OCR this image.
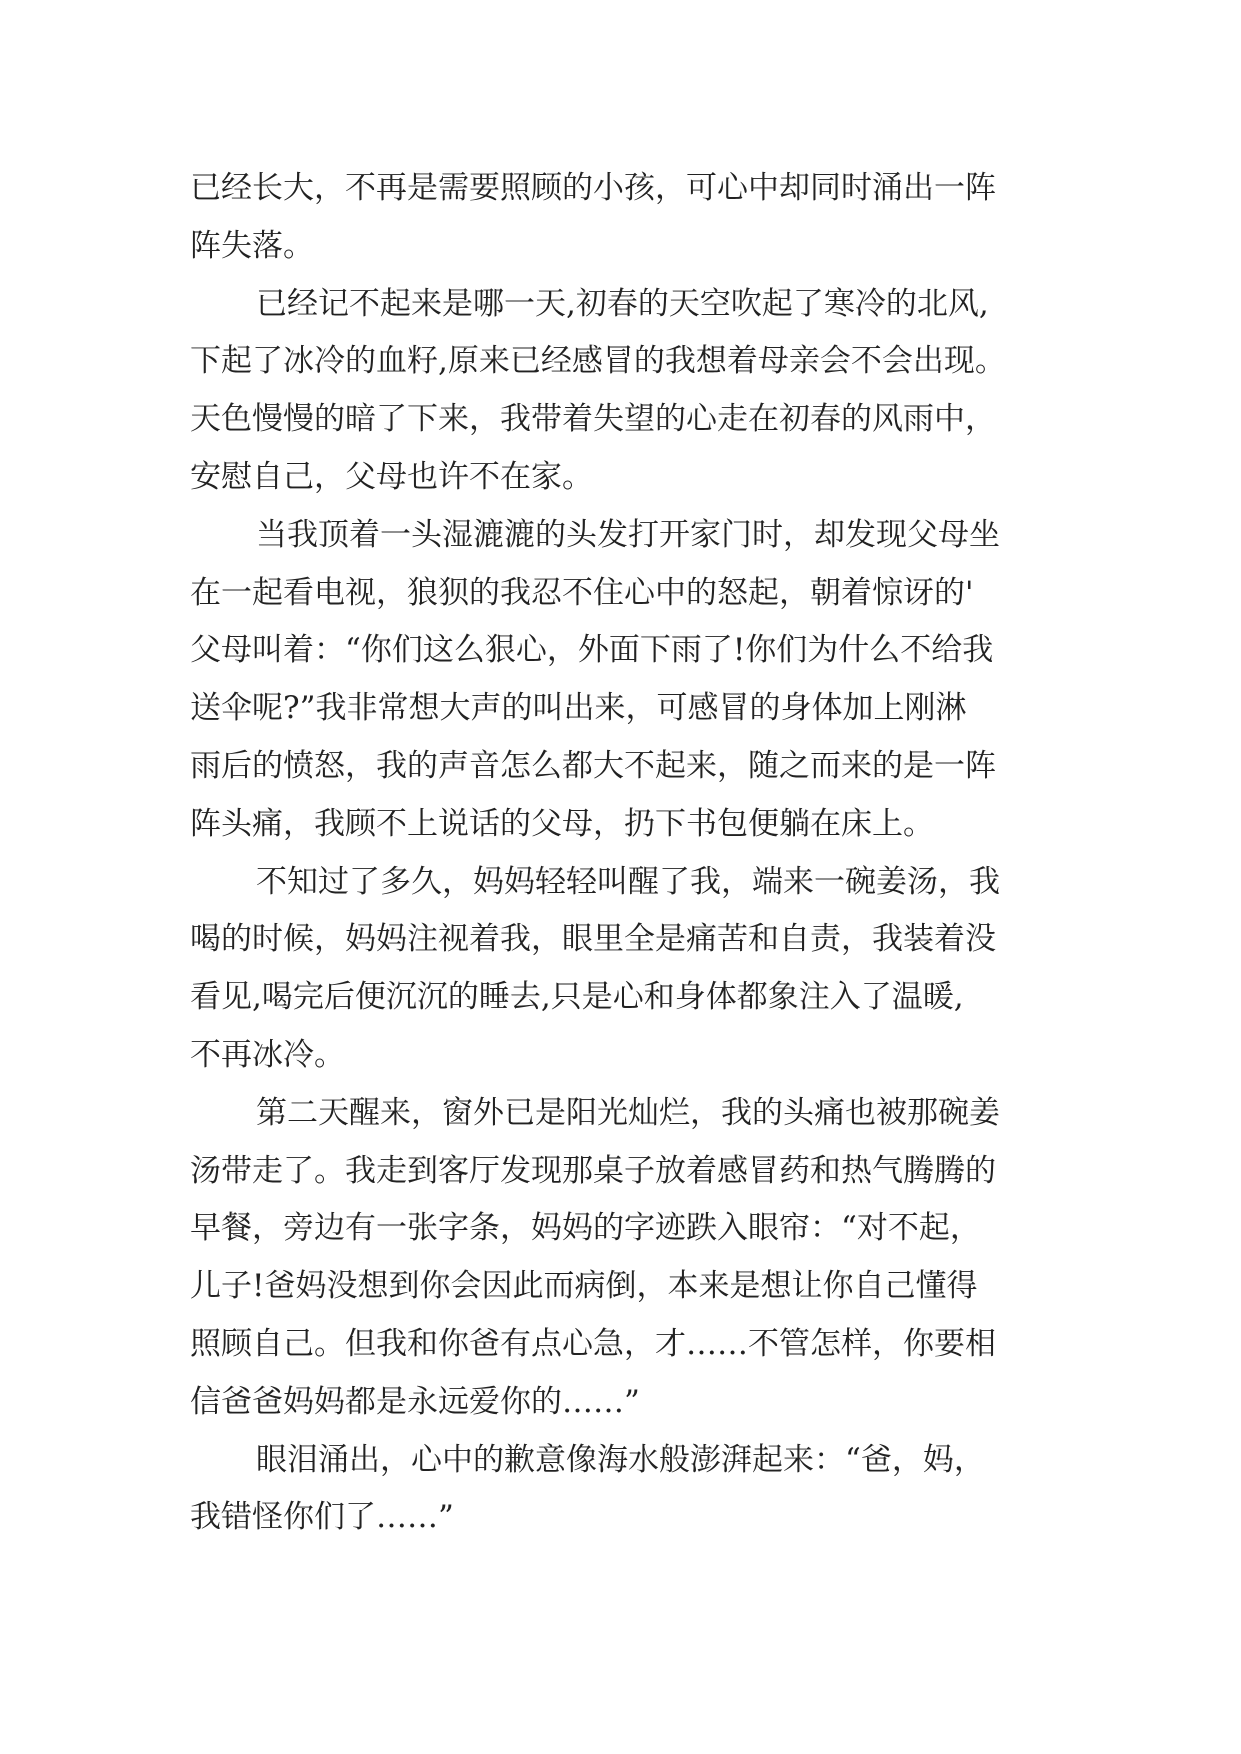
已经长大，不再是需要照顾的小孩，可心中却同时涌出一阵
阵失落。
已经记不起来是哪一天,初春的天空吹起了寒冷的北风,
下起了冰冷的血籽,原来已经感冒的我想着母亲会不会出现。
天色慢慢的暗了下来，我带着失望的心走在初春的风雨中，
安慰自己，父母也许不在家。
当我顶着一头湿漉漉的头发打开家门时，却发现父母坐
在一起看电视，狼狈的我忍不住心中的怒起，朝着惊讶的'
父母叫着：“你们这么狠心，外面下雨了!你们为什么不给我
送伞呢?”我非常想大声的叫出来，可感冒的身体加上刚淋
雨后的愤怒，我的声音怎么都大不起来，随之而来的是一阵
阵头痛，我顾不上说话的父母，扔下书包便躺在床上。
不知过了多久，妈妈轻轻叫醒了我，端来一碗姜汤，我
喝的时候，妈妈注视着我，眼里全是痛苦和自责，我装着没
看见,喝完后便沉沉的睡去,只是心和身体都象注入了温暖,
不再冰冷。
第二天醒来，窗外已是阳光灿烂，我的头痛也被那碗姜
汤带走了。我走到客厅发现那桌子放着感冒药和热气腾腾的
早餐，旁边有一张字条，妈妈的字迹跌入眼帘：“对不起，
儿子!爸妈没想到你会因此而病倒，本来是想让你自己懂得
照顾自己。但我和你爸有点心急，才……不管怎样，你要相
信爸爸妈妈都是永远爱你的……”
眼泪涌出，心中的歉意像海水般澎湃起来：“爸，妈，
我错怪你们了……”
